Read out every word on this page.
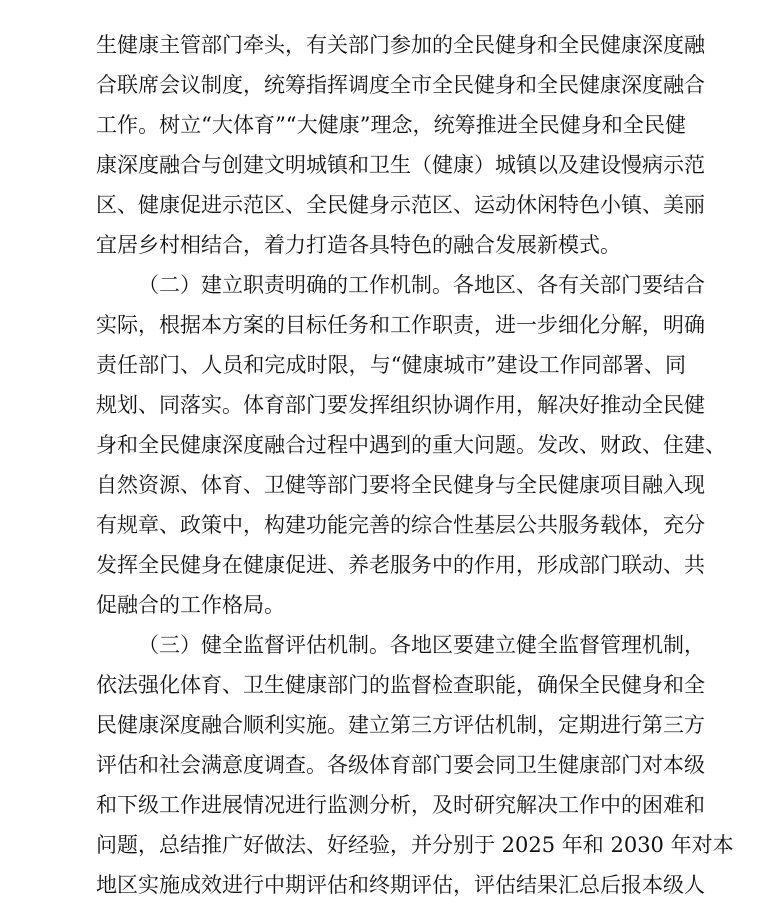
生健康主管部门牵头，有关部门参加的全民健身和全民健康深度融
合联席会议制度，统筹指挥调度全市全民健身和全民健康深度融合
工作。树立“大体育”“大健康”理念，统筹推进全民健身和全民健
康深度融合与创建文明城镇和卫生（健康）城镇以及建设慢病示范
区、健康促进示范区、全民健身示范区、运动休闲特色小镇、美丽
宜居乡村相结合，着力打造各具特色的融合发展新模式。
（二）建立职责明确的工作机制。各地区、各有关部门要结合
实际，根据本方案的目标任务和工作职责，进一步细化分解，明确
责任部门、人员和完成时限，与“健康城市”建设工作同部署、同
规划、同落实。体育部门要发挥组织协调作用，解决好推动全民健
身和全民健康深度融合过程中遇到的重大问题。发改、财政、住建、
自然资源、体育、卫健等部门要将全民健身与全民健康项目融入现
有规章、政策中，构建功能完善的综合性基层公共服务载体，充分
发挥全民健身在健康促进、养老服务中的作用，形成部门联动、共
促融合的工作格局。
（三）健全监督评估机制。各地区要建立健全监督管理机制，
依法强化体育、卫生健康部门的监督检查职能，确保全民健身和全
民健康深度融合顺利实施。建立第三方评估机制，定期进行第三方
评估和社会满意度调查。各级体育部门要会同卫生健康部门对本级
和下级工作进展情况进行监测分析，及时研究解决工作中的困难和
问题，总结推广好做法、好经验，并分别于 2025 年和 2030 年对本
地区实施成效进行中期评估和终期评估，评估结果汇总后报本级人
